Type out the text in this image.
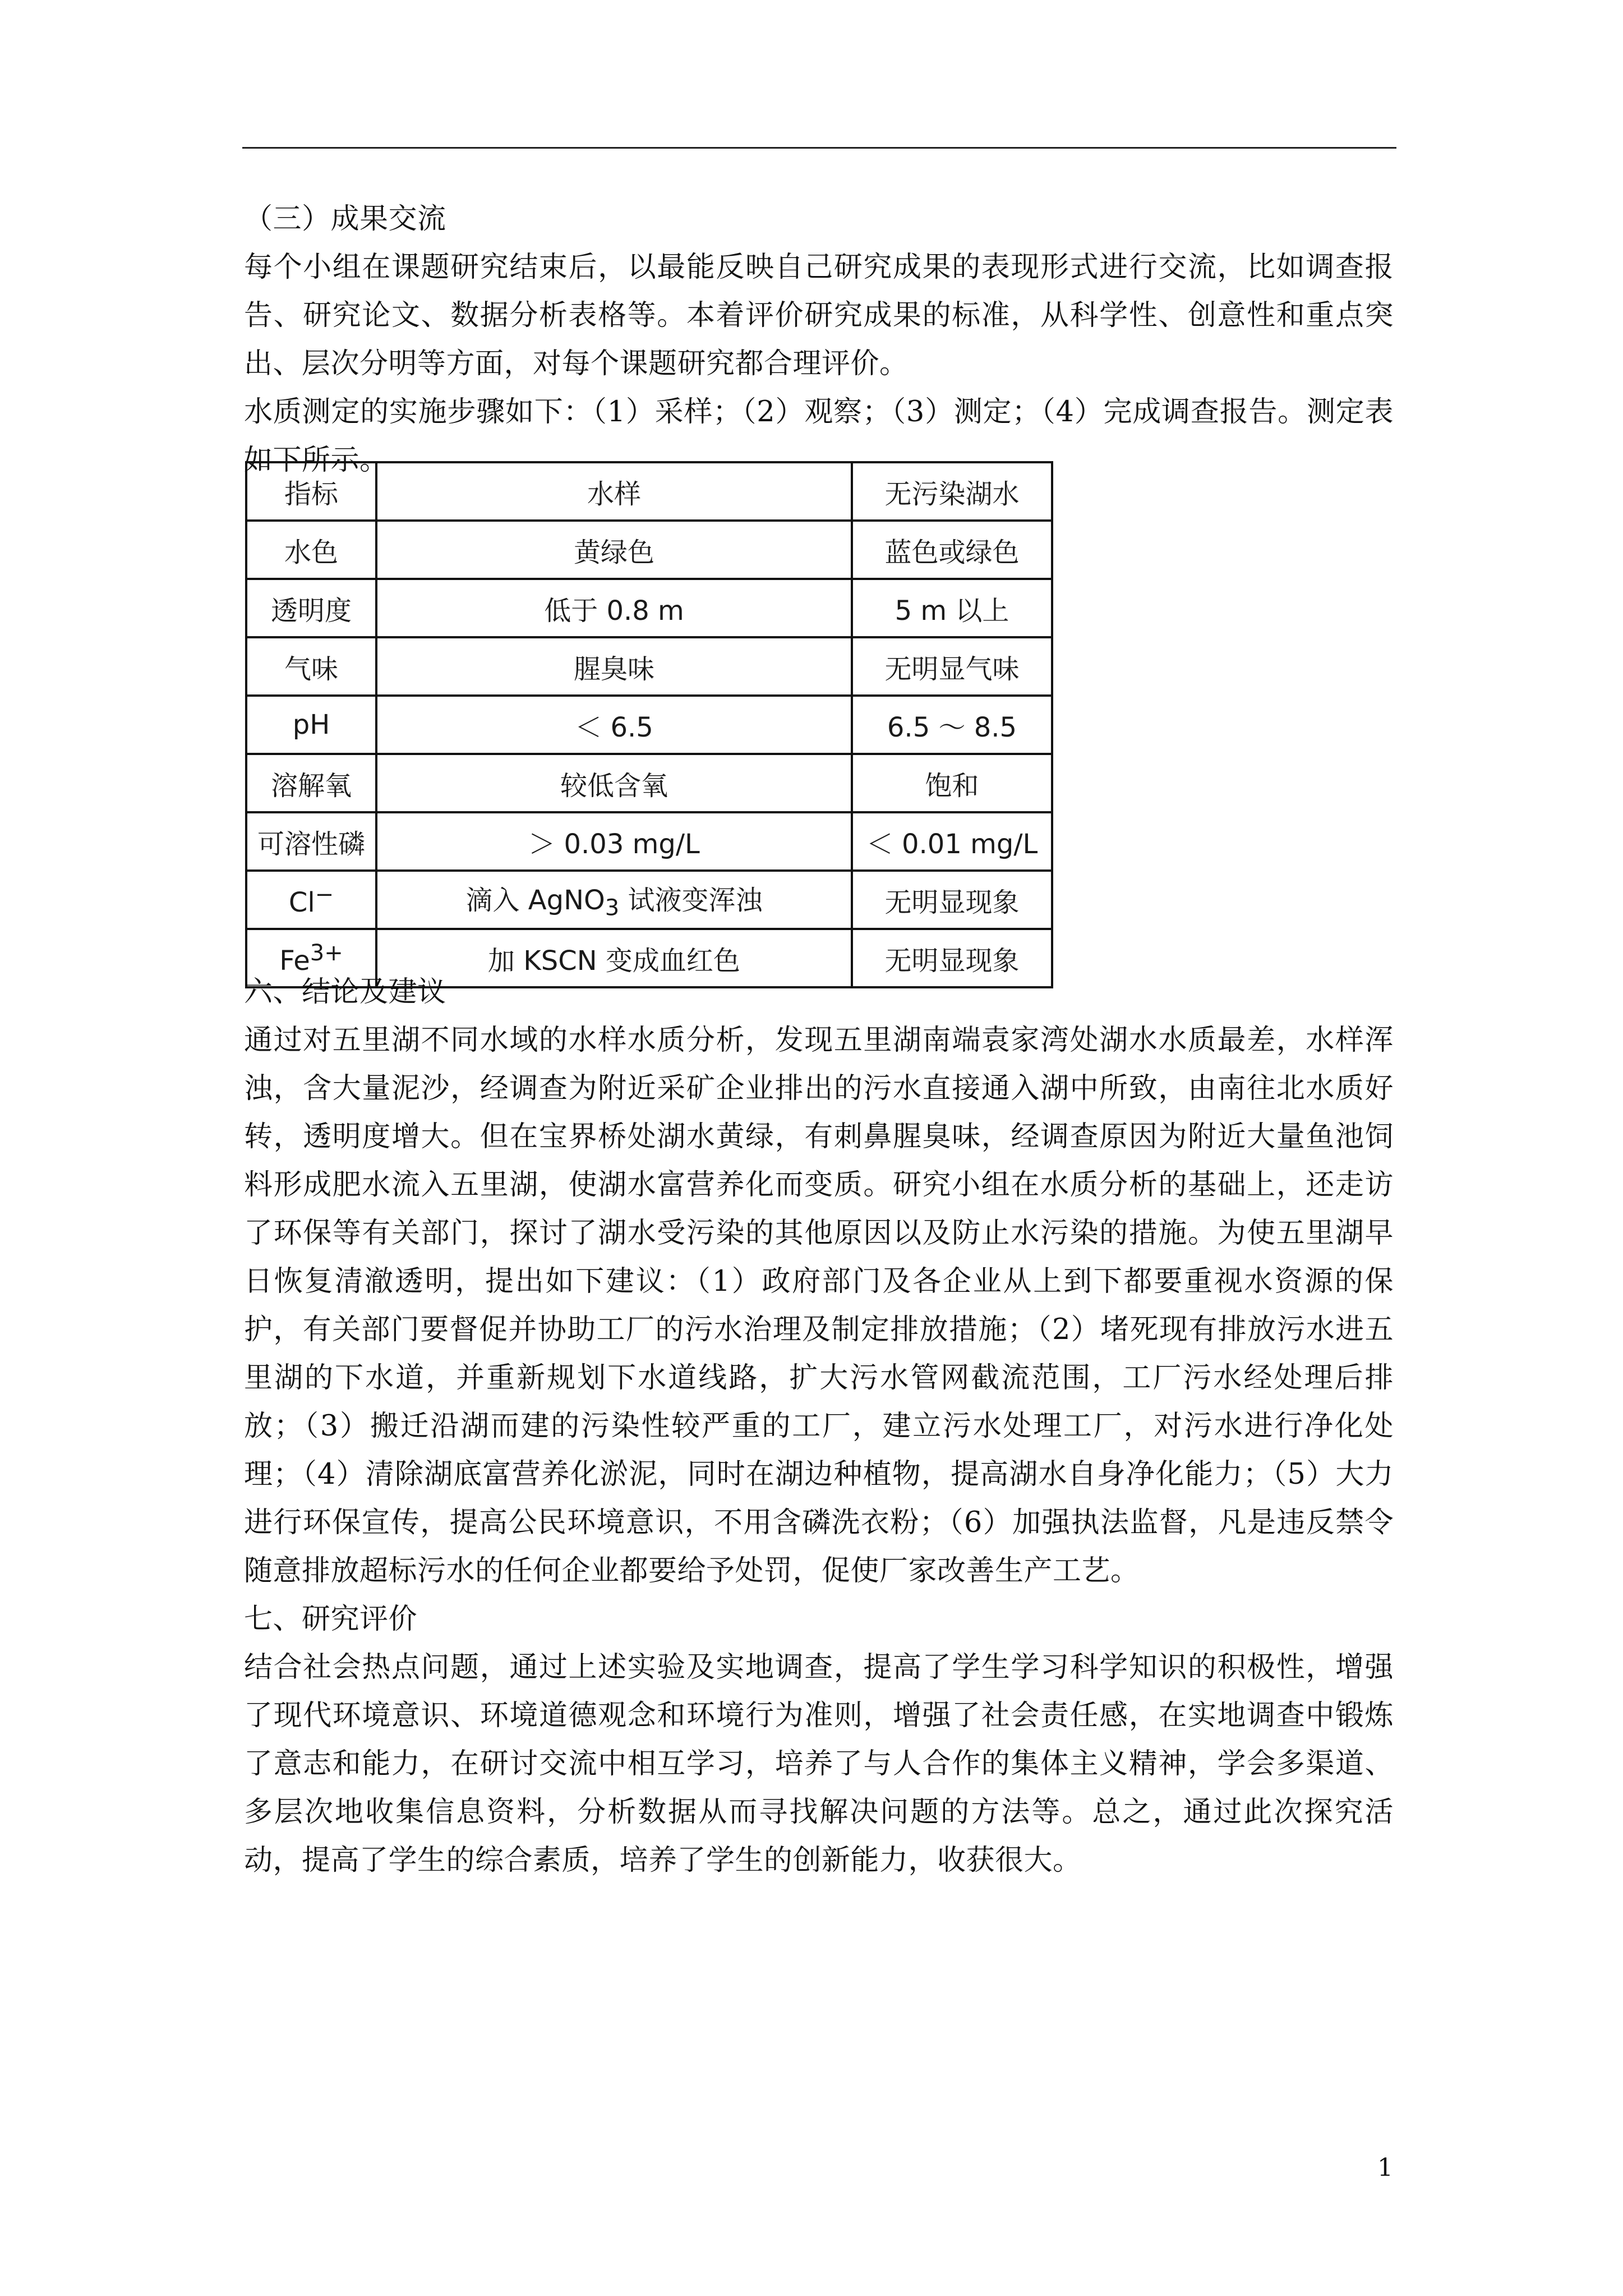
（三）成果交流

每个小组在课题研究结束后，以最能反映自己研究成果的表现形式进行交流，比如调查报告、研究论文、数据分析表格等。本着评价研究成果的标准，从科学性、创意性和重点突出、层次分明等方面，对每个课题研究都合理评价。

水质测定的实施步骤如下：（1）采样；（2）观察；（3）测定；（4）完成调查报告。测定表如下所示。

指标	水样	无污染湖水
水色	黄绿色	蓝色或绿色
透明度	低于 0.8 m	5 m 以上
气味	腥臭味	无明显气味
pH	＜ 6.5	6.5 ～ 8.5
溶解氧	较低含氧	饱和
可溶性磷	＞ 0.03 mg/L	＜ 0.01 mg/L
Cl−	滴入 AgNO$_3$ 试液变浑浊	无明显现象
$Fe^{3+}$	加 KSCN 变成血红色	无明显现象
六、结论及建议

通过对五里湖不同水域的水样水质分析，发现五里湖南端袁家湾处湖水水质最差，水样浑浊，含大量泥沙，经调查为附近采矿企业排出的污水直接通入湖中所致，由南往北水质好转，透明度增大。但在宝界桥处湖水黄绿，有刺鼻腥臭味，经调查原因为附近大量鱼池饲料形成肥水流入五里湖，使湖水富营养化而变质。研究小组在水质分析的基础上，还走访了环保等有关部门，探讨了湖水受污染的其他原因以及防止水污染的措施。为使五里湖早日恢复清澈透明，提出如下建议：（1）政府部门及各企业从上到下都要重视水资源的保护，有关部门要督促并协助工厂的污水治理及制定排放措施；（2）堵死现有排放污水进五里湖的下水道，并重新规划下水道线路，扩大污水管网截流范围，工厂污水经处理后排放；（3）搬迁沿湖而建的污染性较严重的工厂，建立污水处理工厂，对污水进行净化处理；（4）清除湖底富营养化淤泥，同时在湖边种植物，提高湖水自身净化能力；（5）大力进行环保宣传，提高公民环境意识，不用含磷洗衣粉；（6）加强执法监督，凡是违反禁令随意排放超标污水的任何企业都要给予处罚，促使厂家改善生产工艺。

七、研究评价

结合社会热点问题，通过上述实验及实地调查，提高了学生学习科学知识的积极性，增强了现代环境意识、环境道德观念和环境行为准则，增强了社会责任感，在实地调查中锻炼了意志和能力，在研讨交流中相互学习，培养了与人合作的集体主义精神，学会多渠道、多层次地收集信息资料，分析数据从而寻找解决问题的方法等。总之，通过此次探究活动，提高了学生的综合素质，培养了学生的创新能力，收获很大。

1
